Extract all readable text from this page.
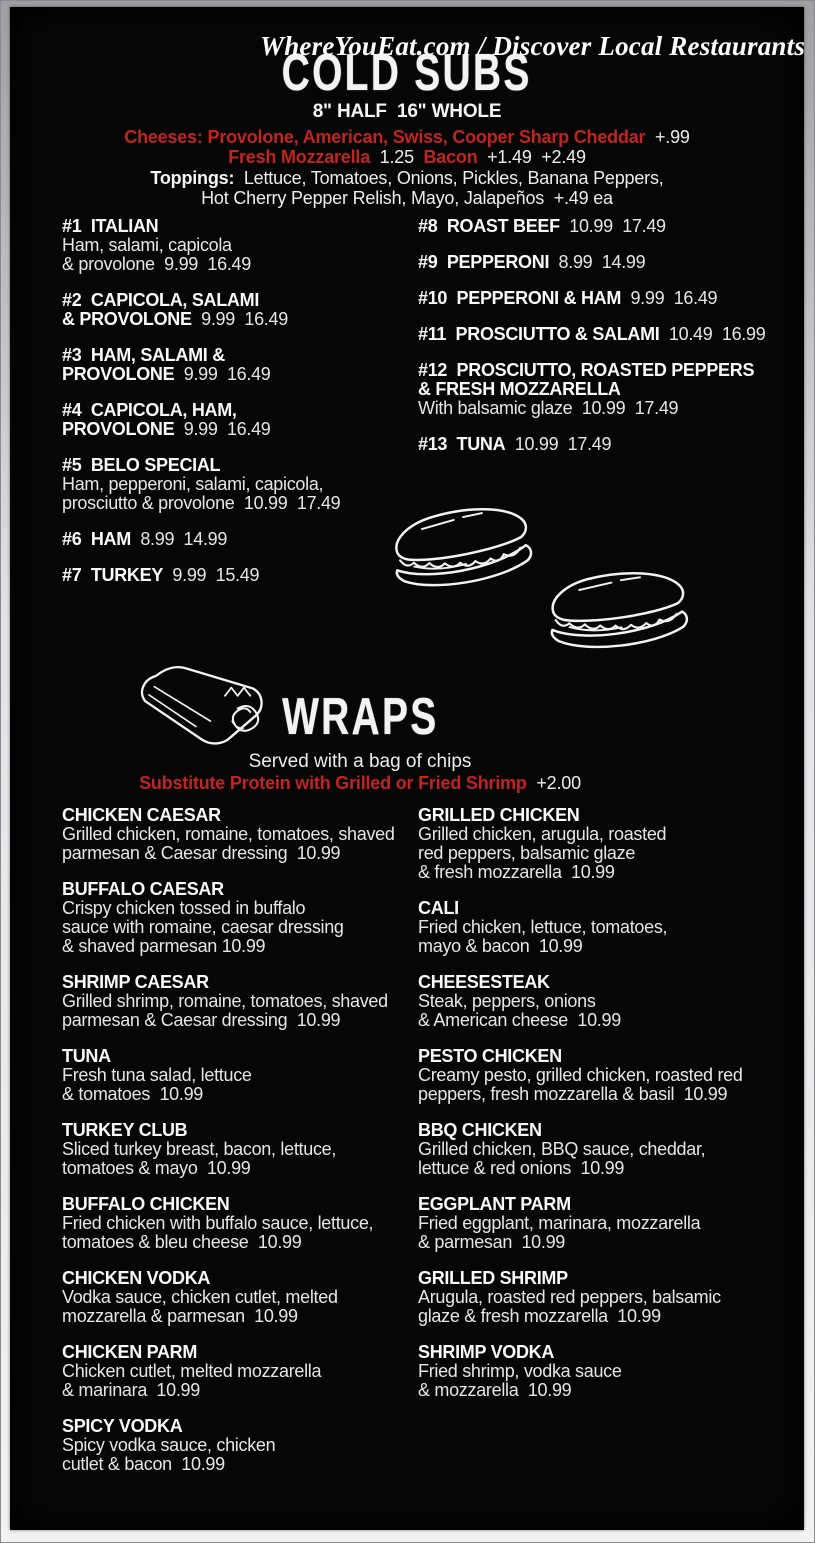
COLD SUBS
WhereYouEat.com / Discover Local Restaurants
8" HALF  16" WHOLE
Cheeses: Provolone, American, Swiss, Cooper Sharp Cheddar  +.99
Fresh Mozzarella  1.25  Bacon  +1.49  +2.49
Toppings:  Lettuce, Tomatoes, Onions, Pickles, Banana Peppers,
Hot Cherry Pepper Relish, Mayo, Jalapeños  +.49 ea
#1  ITALIAN
Ham, salami, capicola
& provolone  9.99  16.49
#2  CAPICOLA, SALAMI
& PROVOLONE  9.99  16.49
#3  HAM, SALAMI &
PROVOLONE  9.99  16.49
#4  CAPICOLA, HAM,
PROVOLONE  9.99  16.49
#5  BELO SPECIAL
Ham, pepperoni, salami, capicola,
prosciutto & provolone  10.99  17.49
#6  HAM  8.99  14.99
#7  TURKEY  9.99  15.49
#8  ROAST BEEF  10.99  17.49
#9  PEPPERONI  8.99  14.99
#10  PEPPERONI & HAM  9.99  16.49
#11  PROSCIUTTO & SALAMI  10.49  16.99
#12  PROSCIUTTO, ROASTED PEPPERS
& FRESH MOZZARELLA
With balsamic glaze  10.99  17.49
#13  TUNA  10.99  17.49
WRAPS
Served with a bag of chips
Substitute Protein with Grilled or Fried Shrimp  +2.00
CHICKEN CAESAR
Grilled chicken, romaine, tomatoes, shaved
parmesan & Caesar dressing  10.99
BUFFALO CAESAR
Crispy chicken tossed in buffalo
sauce with romaine, caesar dressing
& shaved parmesan 10.99
SHRIMP CAESAR
Grilled shrimp, romaine, tomatoes, shaved
parmesan & Caesar dressing  10.99
TUNA
Fresh tuna salad, lettuce
& tomatoes  10.99
TURKEY CLUB
Sliced turkey breast, bacon, lettuce,
tomatoes & mayo  10.99
BUFFALO CHICKEN
Fried chicken with buffalo sauce, lettuce,
tomatoes & bleu cheese  10.99
CHICKEN VODKA
Vodka sauce, chicken cutlet, melted
mozzarella & parmesan  10.99
CHICKEN PARM
Chicken cutlet, melted mozzarella
& marinara  10.99
SPICY VODKA
Spicy vodka sauce, chicken
cutlet & bacon  10.99
GRILLED CHICKEN
Grilled chicken, arugula, roasted
red peppers, balsamic glaze
& fresh mozzarella  10.99
CALI
Fried chicken, lettuce, tomatoes,
mayo & bacon  10.99
CHEESESTEAK
Steak, peppers, onions
& American cheese  10.99
PESTO CHICKEN
Creamy pesto, grilled chicken, roasted red
peppers, fresh mozzarella & basil  10.99
BBQ CHICKEN
Grilled chicken, BBQ sauce, cheddar,
lettuce & red onions  10.99
EGGPLANT PARM
Fried eggplant, marinara, mozzarella
& parmesan  10.99
GRILLED SHRIMP
Arugula, roasted red peppers, balsamic
glaze & fresh mozzarella  10.99
SHRIMP VODKA
Fried shrimp, vodka sauce
& mozzarella  10.99
